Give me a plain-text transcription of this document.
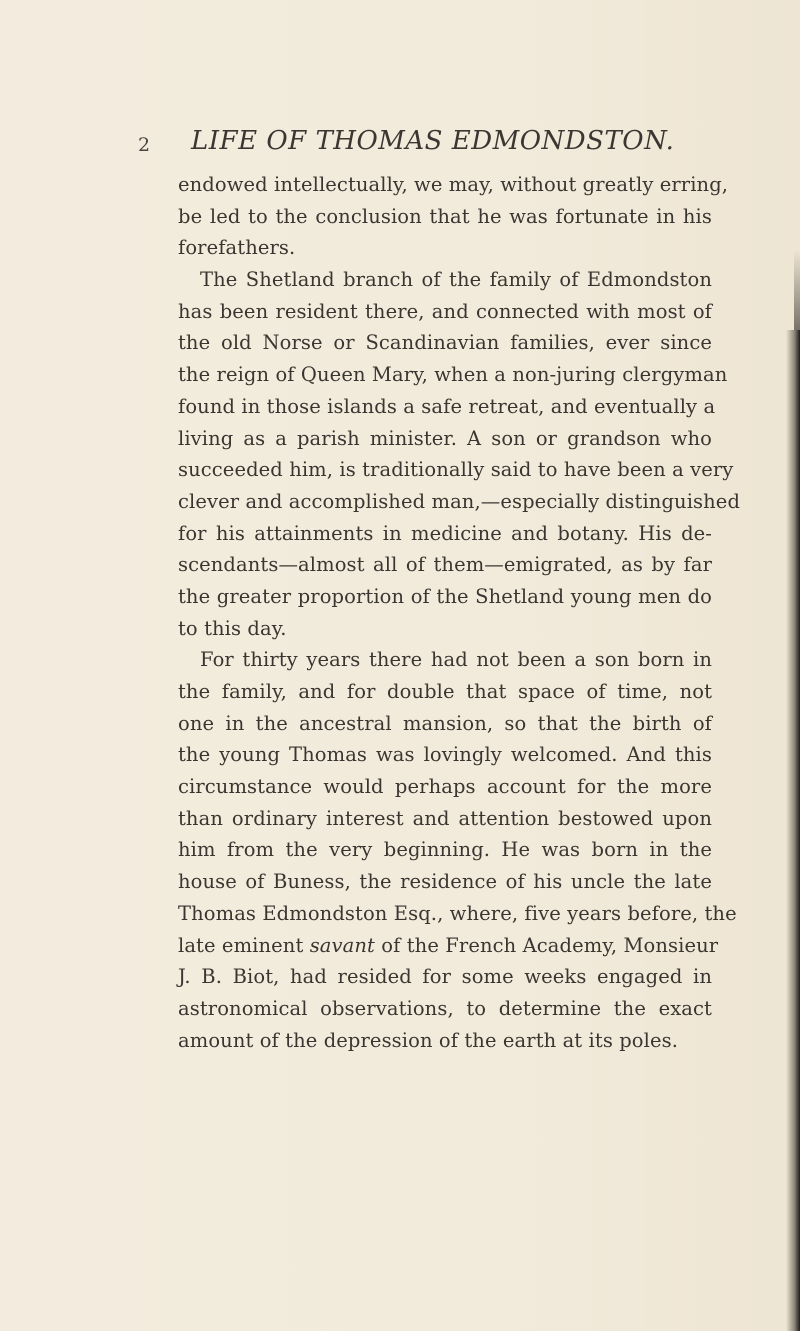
2 LIFE OF THOMAS EDMONDSTON.
endowed intellectually, we may, without greatly erring,
be led to the conclusion that he was fortunate in his
forefathers.
The Shetland branch of the family of Edmondston
has been resident there, and connected with most of
the old Norse or Scandinavian families, ever since
the reign of Queen Mary, when a non-juring clergyman
found in those islands a safe retreat, and eventually a
living as a parish minister. A son or grandson who
succeeded him, is traditionally said to have been a very
clever and accomplished man,—especially distinguished
for his attainments in medicine and botany. His de-
scendants—almost all of them—emigrated, as by far
the greater proportion of the Shetland young men do
to this day.
For thirty years there had not been a son born in
the family, and for double that space of time, not
one in the ancestral mansion, so that the birth of
the young Thomas was lovingly welcomed. And this
circumstance would perhaps account for the more
than ordinary interest and attention bestowed upon
him from the very beginning. He was born in the
house of Buness, the residence of his uncle the late
Thomas Edmondston Esq., where, five years before, the
late eminent savant of the French Academy, Monsieur
J. B. Biot, had resided for some weeks engaged in
astronomical observations, to determine the exact
amount of the depression of the earth at its poles.
